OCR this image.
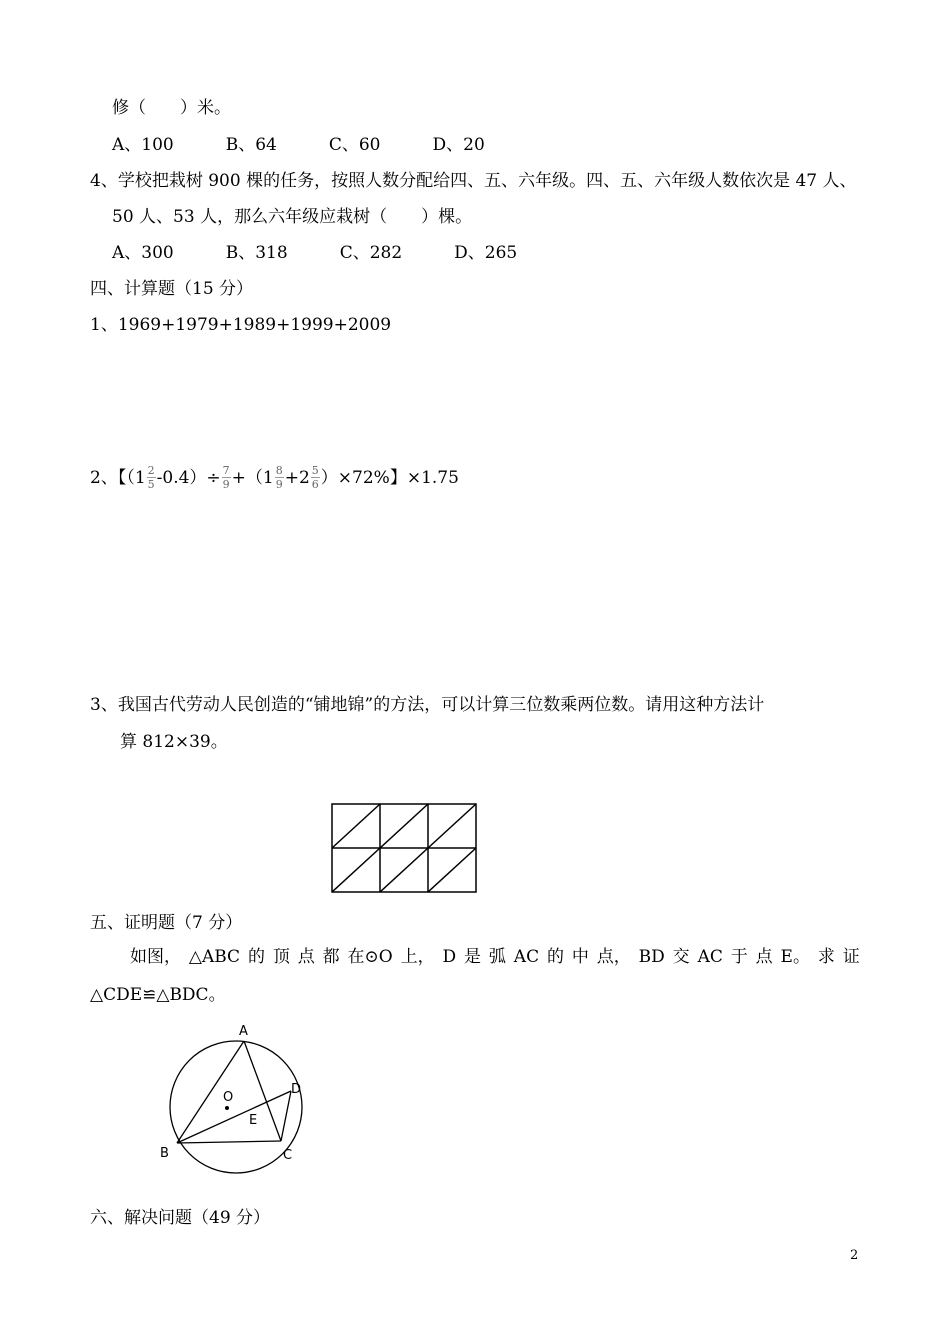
修（　　）米。
A、100	B、64	C、60	D、20
4、学校把栽树 900 棵的任务，按照人数分配给四、五、六年级。四、五、六年级人数依次是 47 人、
50 人、53 人，那么六年级应栽树（　　）棵。
A、300	B、318	C、282	D、265
四、计算题（15 分）
1、1969+1979+1989+1999+2009
2、【$(1 \frac{2}{5} -0.4)\div \frac{7}{9} +(1 \frac{8}{9} +2 \frac{5}{6} )\times 72\%$】×1.75
3、我国古代劳动人民创造的“铺地锦”的方法，可以计算三位数乘两位数。请用这种方法计
算 812×39。
五、证明题（7 分）
如图， △ABC 的 顶 点 都 在⊙O 上， D 是 弧 AC 的 中 点， BD 交 AC 于 点 E。 求 证
△CDE≌△BDC。
A
B	C
D
E
O
六、解决问题（49 分）
2
